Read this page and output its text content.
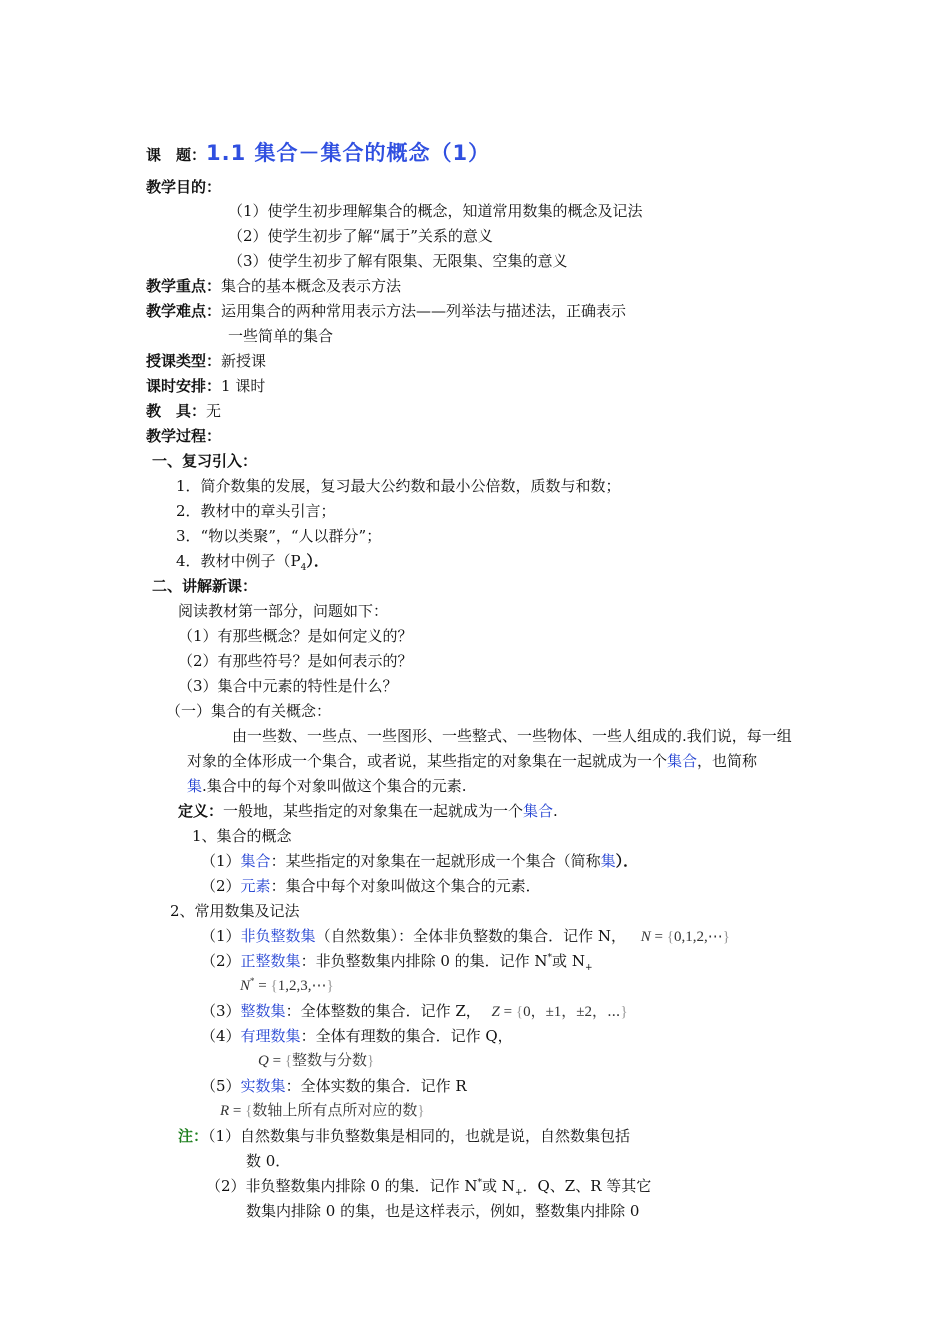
课　题：1.1 集合－集合的概念（1）
教学目的：
（1）使学生初步理解集合的概念，知道常用数集的概念及记法
（2）使学生初步了解“属于”关系的意义
（3）使学生初步了解有限集、无限集、空集的意义
教学重点：集合的基本概念及表示方法
教学难点：运用集合的两种常用表示方法——列举法与描述法，正确表示
一些简单的集合
授课类型：新授课
课时安排：1 课时
教　具：无
教学过程：
一、复习引入：
1．简介数集的发展，复习最大公约数和最小公倍数，质数与和数；
2．教材中的章头引言；
3．“物以类聚”，“人以群分”；
4．教材中例子$(P_4)$．
二、讲解新课：
阅读教材第一部分，问题如下：
（1）有那些概念？是如何定义的？
（2）有那些符号？是如何表示的？
（3）集合中元素的特性是什么？
（一）集合的有关概念：
由一些数、一些点、一些图形、一些整式、一些物体、一些人组成的.我们说，每一组
对象的全体形成一个集合，或者说，某些指定的对象集在一起就成为一个集合，也简称
集.集合中的每个对象叫做这个集合的元素.
定义：一般地，某些指定的对象集在一起就成为一个集合.
1、集合的概念
（1）集合：某些指定的对象集在一起就形成一个集合（简称集）．
（2）元素：集合中每个对象叫做这个集合的元素．
2、常用数集及记法
（1）非负整数集（自然数集）：全体非负整数的集合．记作 N， N = {0,1,2,⋯}
（2）正整数集：非负整数集内排除 0 的集．记作 N*或 $N_+$
N* = {1,2,3,⋯}
（3）整数集：全体整数的集合．记作 Z， Z = {0，±1，±2，⋯}
（4）有理数集：全体有理数的集合．记作 Q，
Q = {整数与分数}
（5）实数集：全体实数的集合．记作 R
R = {数轴上所有点所对应的数}
注：（1）自然数集与非负整数集是相同的，也就是说，自然数集包括
数 0．
（2）非负整数集内排除 0 的集．记作 N*或 $N_+$．Q、Z、R 等其它
数集内排除 0 的集，也是这样表示，例如，整数集内排除 0
